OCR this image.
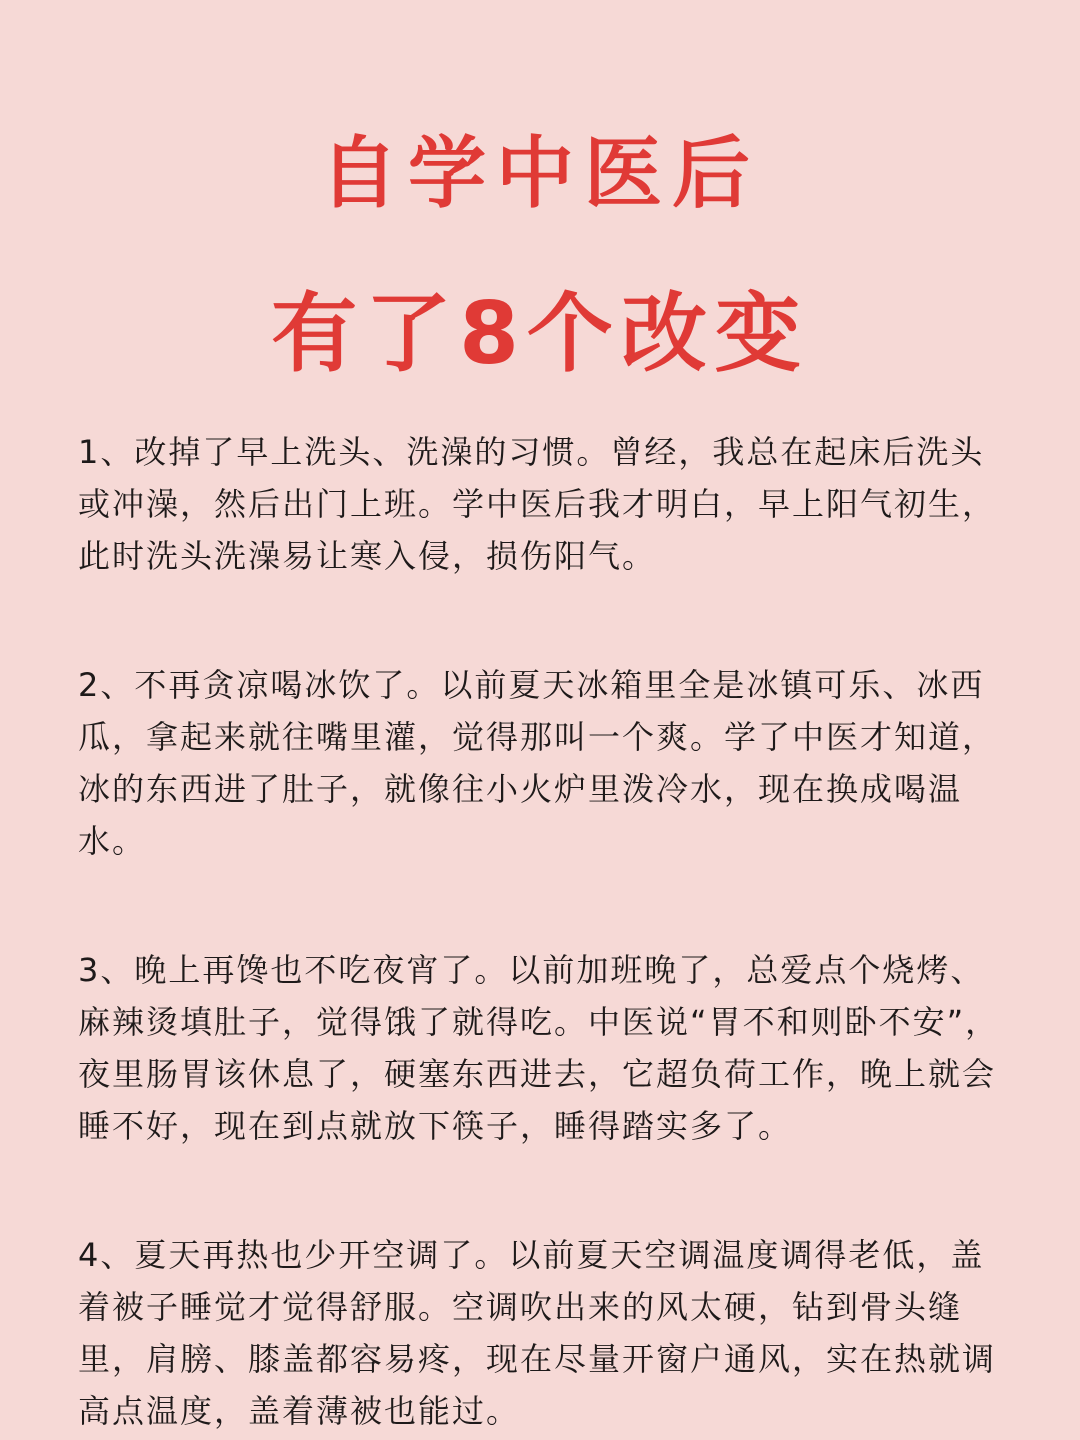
自学中医后
有了8个改变

1、改掉了早上洗头、洗澡的习惯。曾经，我总在起床后洗头或冲澡，然后出门上班。学中医后我才明白，早上阳气初生，此时洗头洗澡易让寒入侵，损伤阳气。

2、不再贪凉喝冰饮了。以前夏天冰箱里全是冰镇可乐、冰西瓜，拿起来就往嘴里灌，觉得那叫一个爽。学了中医才知道，冰的东西进了肚子，就像往小火炉里泼冷水，现在换成喝温水。

3、晚上再馋也不吃夜宵了。以前加班晚了，总爱点个烧烤、麻辣烫填肚子，觉得饿了就得吃。中医说“胃不和则卧不安”，夜里肠胃该休息了，硬塞东西进去，它超负荷工作，晚上就会睡不好，现在到点就放下筷子，睡得踏实多了。

4、夏天再热也少开空调了。以前夏天空调温度调得老低，盖着被子睡觉才觉得舒服。空调吹出来的风太硬，钻到骨头缝里，肩膀、膝盖都容易疼，现在尽量开窗户通风，实在热就调高点温度，盖着薄被也能过。
